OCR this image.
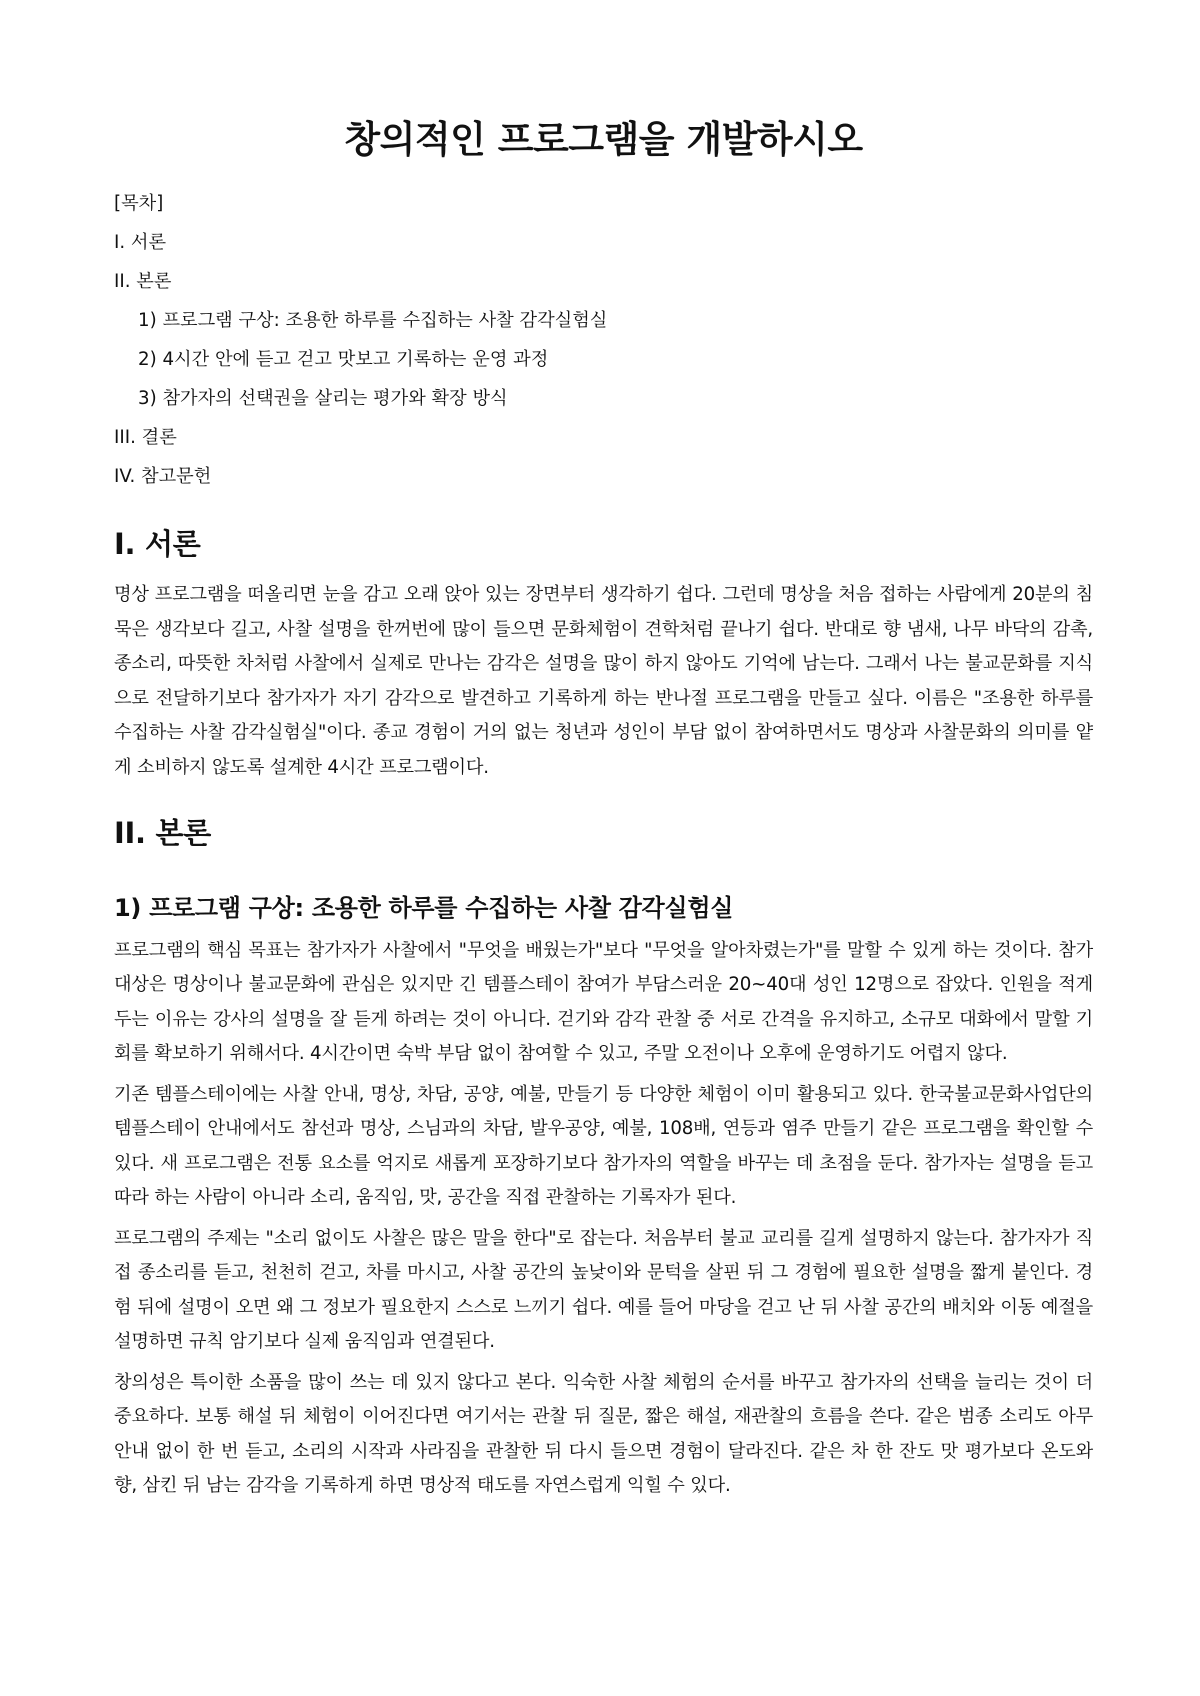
창의적인 프로그램을 개발하시오
[목차]
I. 서론
II. 본론
1) 프로그램 구상: 조용한 하루를 수집하는 사찰 감각실험실
2) 4시간 안에 듣고 걷고 맛보고 기록하는 운영 과정
3) 참가자의 선택권을 살리는 평가와 확장 방식
III. 결론
IV. 참고문헌
I. 서론

명상 프로그램을 떠올리면 눈을 감고 오래 앉아 있는 장면부터 생각하기 쉽다. 그런데 명상을 처음 접하는 사람에게 20분의 침묵은 생각보다 길고, 사찰 설명을 한꺼번에 많이 들으면 문화체험이 견학처럼 끝나기 쉽다. 반대로 향 냄새, 나무 바닥의 감촉, 종소리, 따뜻한 차처럼 사찰에서 실제로 만나는 감각은 설명을 많이 하지 않아도 기억에 남는다. 그래서 나는 불교문화를 지식으로 전달하기보다 참가자가 자기 감각으로 발견하고 기록하게 하는 반나절 프로그램을 만들고 싶다. 이름은 "조용한 하루를 수집하는 사찰 감각실험실"이다. 종교 경험이 거의 없는 청년과 성인이 부담 없이 참여하면서도 명상과 사찰문화의 의미를 얕게 소비하지 않도록 설계한 4시간 프로그램이다.

II. 본론
1) 프로그램 구상: 조용한 하루를 수집하는 사찰 감각실험실

프로그램의 핵심 목표는 참가자가 사찰에서 "무엇을 배웠는가"보다 "무엇을 알아차렸는가"를 말할 수 있게 하는 것이다. 참가 대상은 명상이나 불교문화에 관심은 있지만 긴 템플스테이 참여가 부담스러운 20~40대 성인 12명으로 잡았다. 인원을 적게 두는 이유는 강사의 설명을 잘 듣게 하려는 것이 아니다. 걷기와 감각 관찰 중 서로 간격을 유지하고, 소규모 대화에서 말할 기회를 확보하기 위해서다. 4시간이면 숙박 부담 없이 참여할 수 있고, 주말 오전이나 오후에 운영하기도 어렵지 않다.

기존 템플스테이에는 사찰 안내, 명상, 차담, 공양, 예불, 만들기 등 다양한 체험이 이미 활용되고 있다. 한국불교문화사업단의 템플스테이 안내에서도 참선과 명상, 스님과의 차담, 발우공양, 예불, 108배, 연등과 염주 만들기 같은 프로그램을 확인할 수 있다. 새 프로그램은 전통 요소를 억지로 새롭게 포장하기보다 참가자의 역할을 바꾸는 데 초점을 둔다. 참가자는 설명을 듣고 따라 하는 사람이 아니라 소리, 움직임, 맛, 공간을 직접 관찰하는 기록자가 된다.

프로그램의 주제는 "소리 없이도 사찰은 많은 말을 한다"로 잡는다. 처음부터 불교 교리를 길게 설명하지 않는다. 참가자가 직접 종소리를 듣고, 천천히 걷고, 차를 마시고, 사찰 공간의 높낮이와 문턱을 살핀 뒤 그 경험에 필요한 설명을 짧게 붙인다. 경험 뒤에 설명이 오면 왜 그 정보가 필요한지 스스로 느끼기 쉽다. 예를 들어 마당을 걷고 난 뒤 사찰 공간의 배치와 이동 예절을 설명하면 규칙 암기보다 실제 움직임과 연결된다.

창의성은 특이한 소품을 많이 쓰는 데 있지 않다고 본다. 익숙한 사찰 체험의 순서를 바꾸고 참가자의 선택을 늘리는 것이 더 중요하다. 보통 해설 뒤 체험이 이어진다면 여기서는 관찰 뒤 질문, 짧은 해설, 재관찰의 흐름을 쓴다. 같은 범종 소리도 아무 안내 없이 한 번 듣고, 소리의 시작과 사라짐을 관찰한 뒤 다시 들으면 경험이 달라진다. 같은 차 한 잔도 맛 평가보다 온도와 향, 삼킨 뒤 남는 감각을 기록하게 하면 명상적 태도를 자연스럽게 익힐 수 있다.
